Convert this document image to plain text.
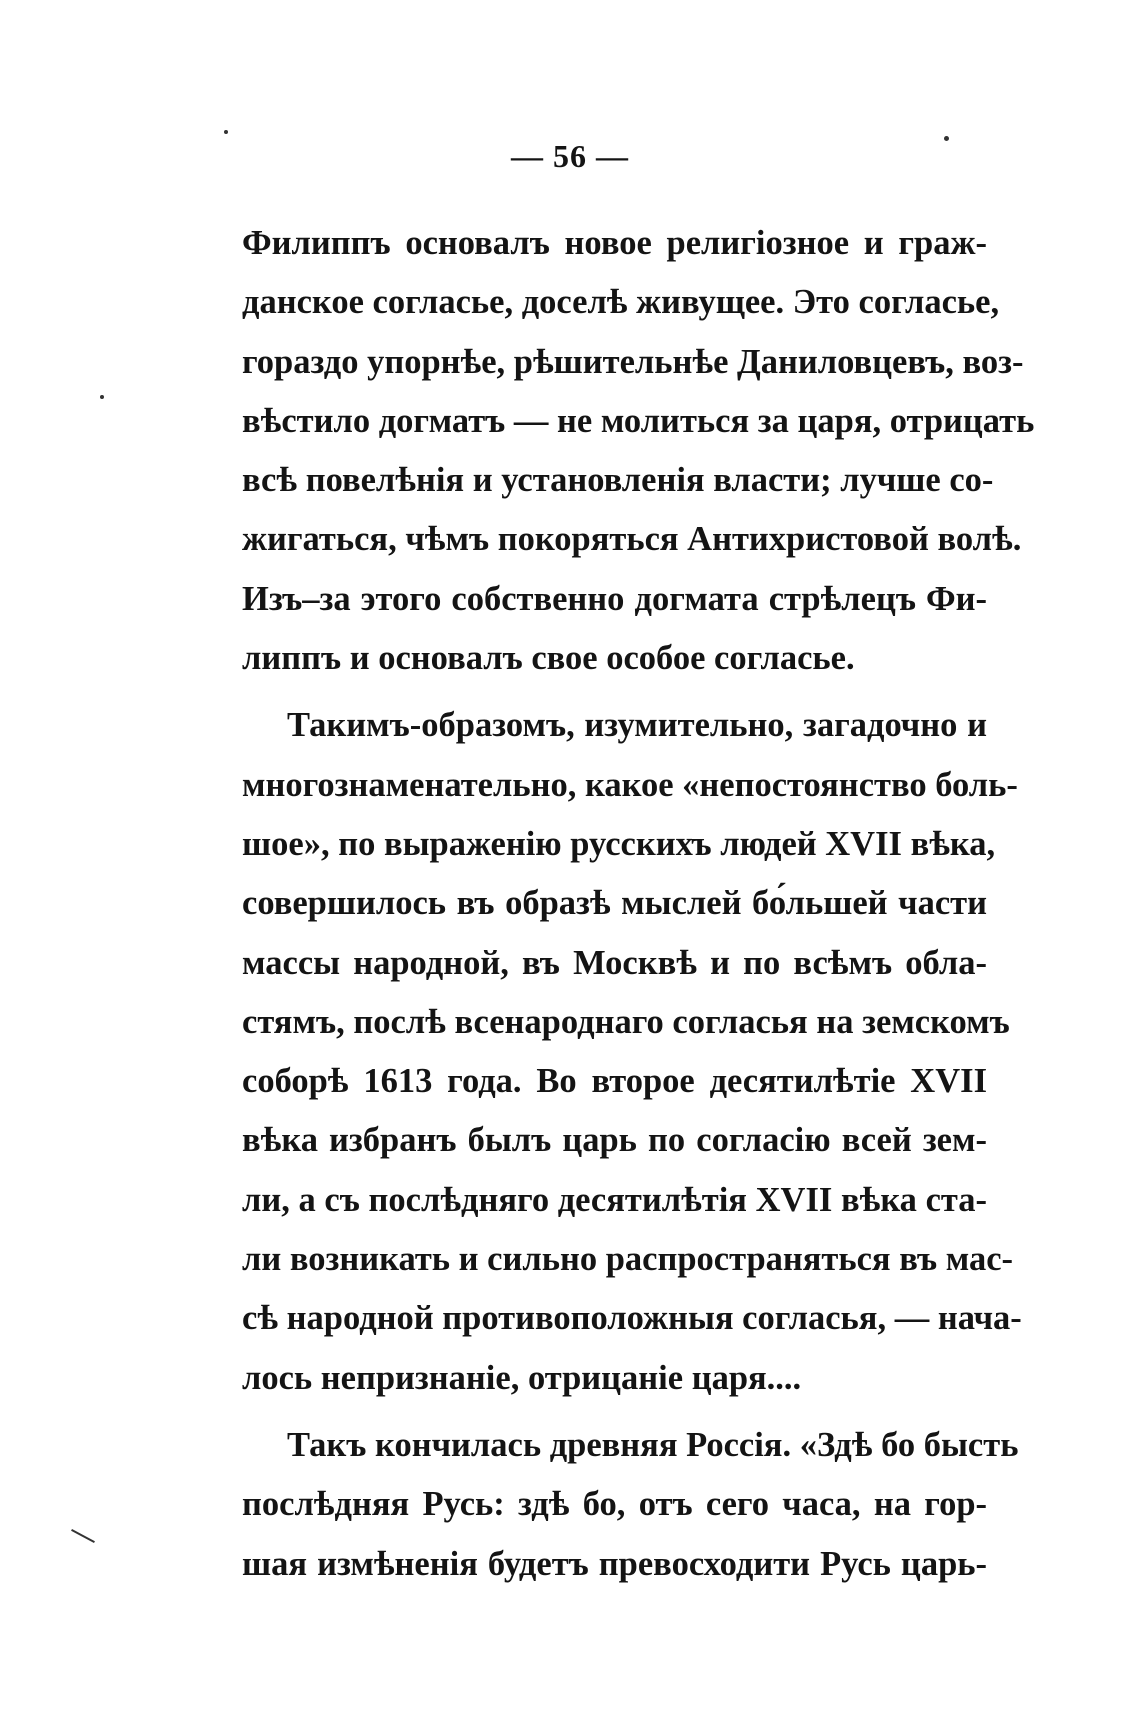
— 56 —
Филиппъ основалъ новое религіозное и граж-
данское согласье, доселѣ живущее. Это согласье,
гораздо упорнѣе, рѣшительнѣе Даниловцевъ, воз-
вѣстило догматъ — не молиться за царя, отрицать
всѣ повелѣнія и установленія власти; лучше со-
жигаться, чѣмъ покоряться Антихристовой волѣ.
Изъ–за этого собственно догмата стрѣлецъ Фи-
липпъ и основалъ свое особое согласье.
Такимъ-образомъ, изумительно, загадочно и
многознаменательно, какое «непостоянство боль-
шое», по выраженію русскихъ людей XVII вѣка,
совершилось въ образѣ мыслей бо́льшей части
массы народной, въ Москвѣ и по всѣмъ обла-
стямъ, послѣ всенароднаго согласья на земскомъ
соборѣ 1613 года. Во второе десятилѣтіе XVII
вѣка избранъ былъ царь по согласію всей зем-
ли, а съ послѣдняго десятилѣтія XVII вѣка ста-
ли возникать и сильно распространяться въ мас-
сѣ народной противоположныя согласья, — нача-
лось непризнаніе, отрицаніе царя....
Такъ кончилась древняя Россія. «Здѣ бо бысть
послѣдняя Русь: здѣ бо, отъ сего часа, на гор-
шая измѣненія будетъ превосходити Русь царь-
